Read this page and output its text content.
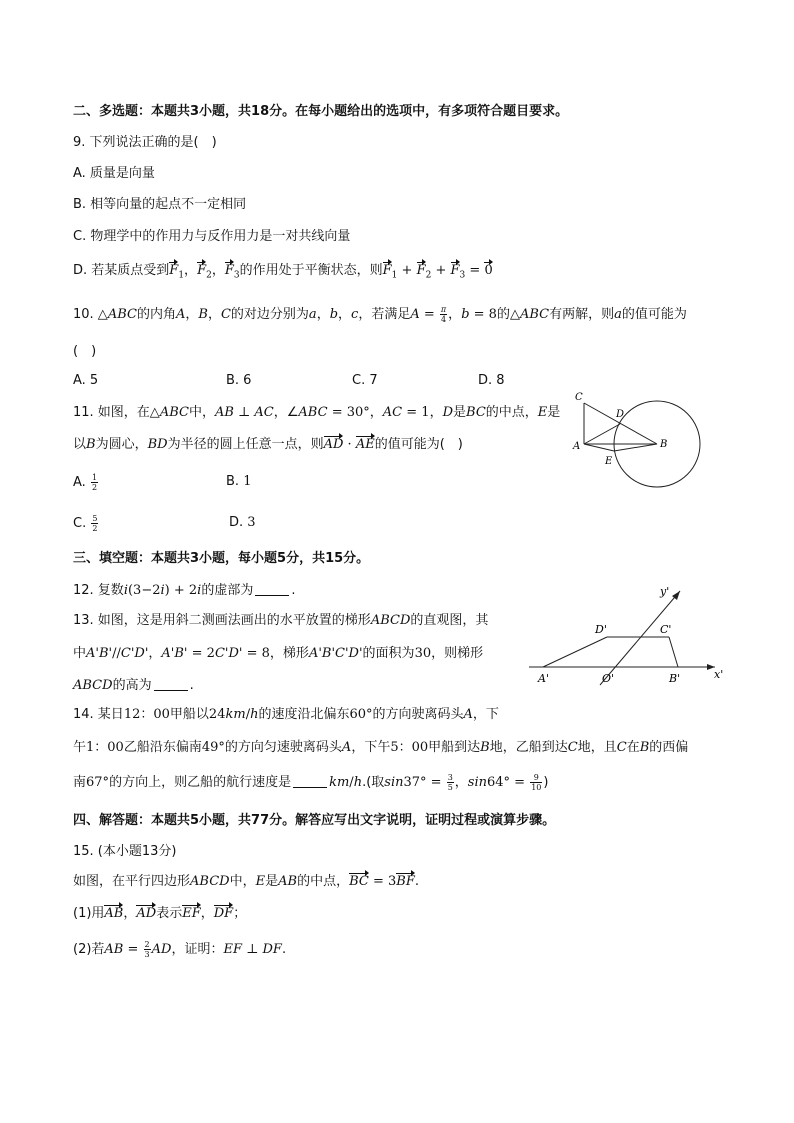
二、多选题：本题共3小题，共18分。在每小题给出的选项中，有多项符合题目要求。
9. 下列说法正确的是(　)
A. 质量是向量
B. 相等向量的起点不一定相同
C. 物理学中的作用力与反作用力是一对共线向量
D. 若某质点受到$F_1$，$F_2$，$F_3$的作用处于平衡状态，则$F_1 + F_2 + F_3 = 0$
10. △ABC的内角A，B，C的对边分别为a，b，c，若满足$A = \frac{\pi}{4}$ ，b = 8的△ABC有两解，则a的值可能为
(　)
A. 5	B. 6	C. 7	D. 8
11. 如图，在△ABC中，AB ⊥ AC，∠ABC = 30°，AC = 1，D是BC的中点，E是
以B为圆心，BD为半径的圆上任意一点，则AD · AE的值可能为(　)
A. $\frac{1}{2}$	B. 1
C. $\frac{5}{2}$	D. 3
C
D
A	B
E
三、填空题：本题共3小题，每小题5分，共15分。
12. 复数i(3−2i) + 2i的虚部为	.
13. 如图，这是用斜二测画法画出的水平放置的梯形ABCD的直观图，其
中A'B'//C'D'，A'B' = 2C'D' = 8，梯形A'B'C'D'的面积为30，则梯形
ABCD的高为	.
y'
D'	C'
A'	O'	B'	x'
14. 某日12：00甲船以24km/h的速度沿北偏东60°的方向驶离码头A，下
午1：00乙船沿东偏南49°的方向匀速驶离码头A，下午5：00甲船到达B地，乙船到达C地，且C在B的西偏
南67°的方向上，则乙船的航行速度是	km/h.(取$\sin 37^\circ = \frac{3}{5}$ ，$\sin 64^\circ = \frac{9}{10}$ )
四、解答题：本题共5小题，共77分。解答应写出文字说明，证明过程或演算步骤。
15. (本小题13分)
如图，在平行四边形ABCD中，E是AB的中点，BC = 3BF.
(1)用AB，AD表示EF，DF；
(2)若AB = $\frac{2}{3}$ AD，证明：EF ⊥ DF.
